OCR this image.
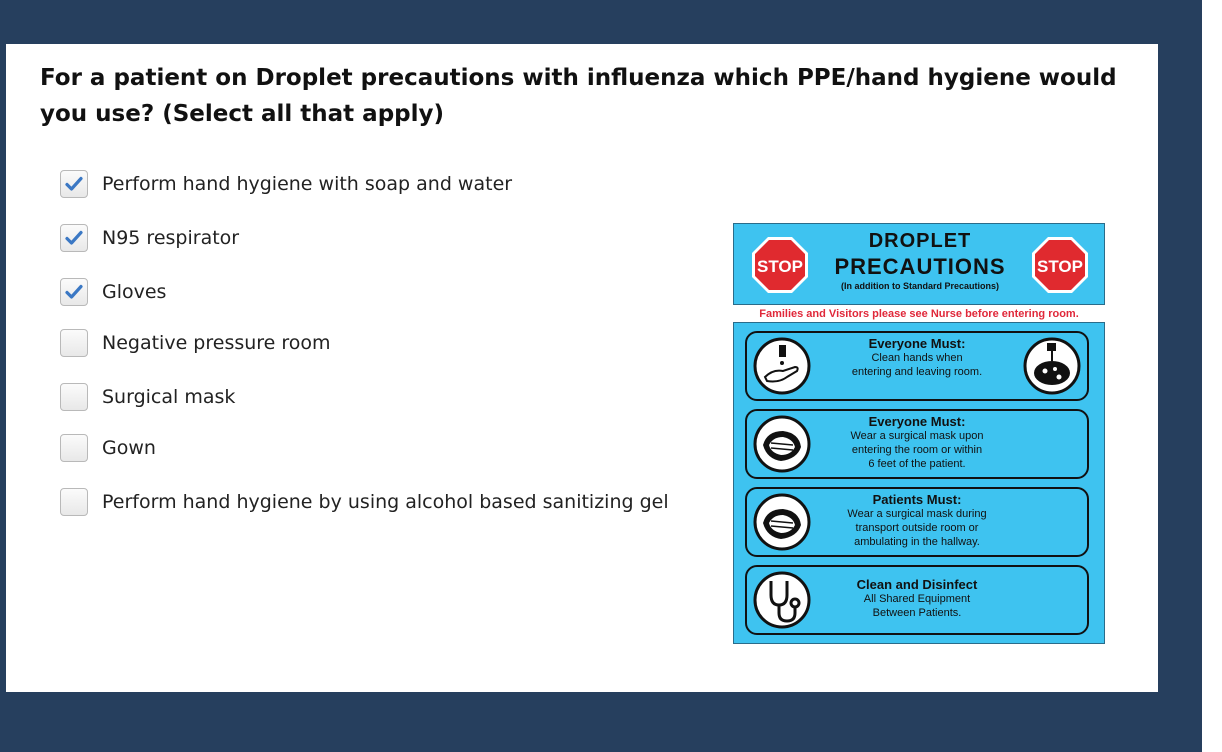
For a patient on Droplet precautions with influenza which PPE/hand hygiene would
you use? (Select all that apply)
Perform hand hygiene with soap and water
N95 respirator
Gloves
Negative pressure room
Surgical mask
Gown
Perform hand hygiene by using alcohol based sanitizing gel
STOP
DROPLET
PRECAUTIONS
(In addition to Standard Precautions)
STOP
Families and Visitors please see Nurse before entering room.
Everyone Must:
Clean hands when
entering and leaving room.
Everyone Must:
Wear a surgical mask upon
entering the room or within
6 feet of the patient.
Patients Must:
Wear a surgical mask during
transport outside room or
ambulating in the hallway.
Clean and Disinfect
All Shared Equipment
Between Patients.
